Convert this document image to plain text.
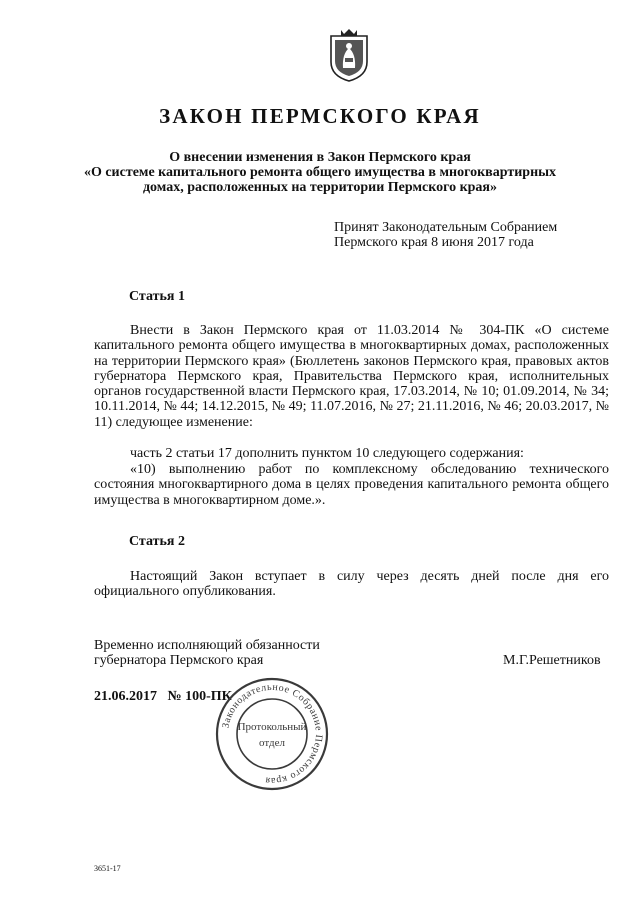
ЗАКОН ПЕРМСКОГО КРАЯ
О внесении изменения в Закон Пермского края
«О системе капитального ремонта общего имущества в многоквартирных
домах, расположенных на территории Пермского края»
Принят Законодательным Собранием
Пермского края 8 июня 2017 года
Статья 1
Внести в Закон Пермского края от 11.03.2014 № 304-ПК «О системе капитального ремонта общего имущества в многоквартирных домах, расположенных на территории Пермского края» (Бюллетень законов Пермского края, правовых актов губернатора Пермского края, Правительства Пермского края, исполнительных органов государственной власти Пермского края, 17.03.2014, № 10; 01.09.2014, № 34; 10.11.2014, № 44; 14.12.2015, № 49; 11.07.2016, № 27; 21.11.2016, № 46; 20.03.2017, № 11) следующее изменение:
часть 2 статьи 17 дополнить пунктом 10 следующего содержания:
«10) выполнению работ по комплексному обследованию технического состояния многоквартирного дома в целях проведения капитального ремонта общего имущества в многоквартирном доме.».
Статья 2
Настоящий Закон вступает в силу через десять дней после дня его официального опубликования.
Временно исполняющий обязанности
губернатора Пермского края	М.Г.Решетников
21.06.2017   № 100-ПК
Законодательное Собрание Пермского края
Протокольный
отдел
3651-17
